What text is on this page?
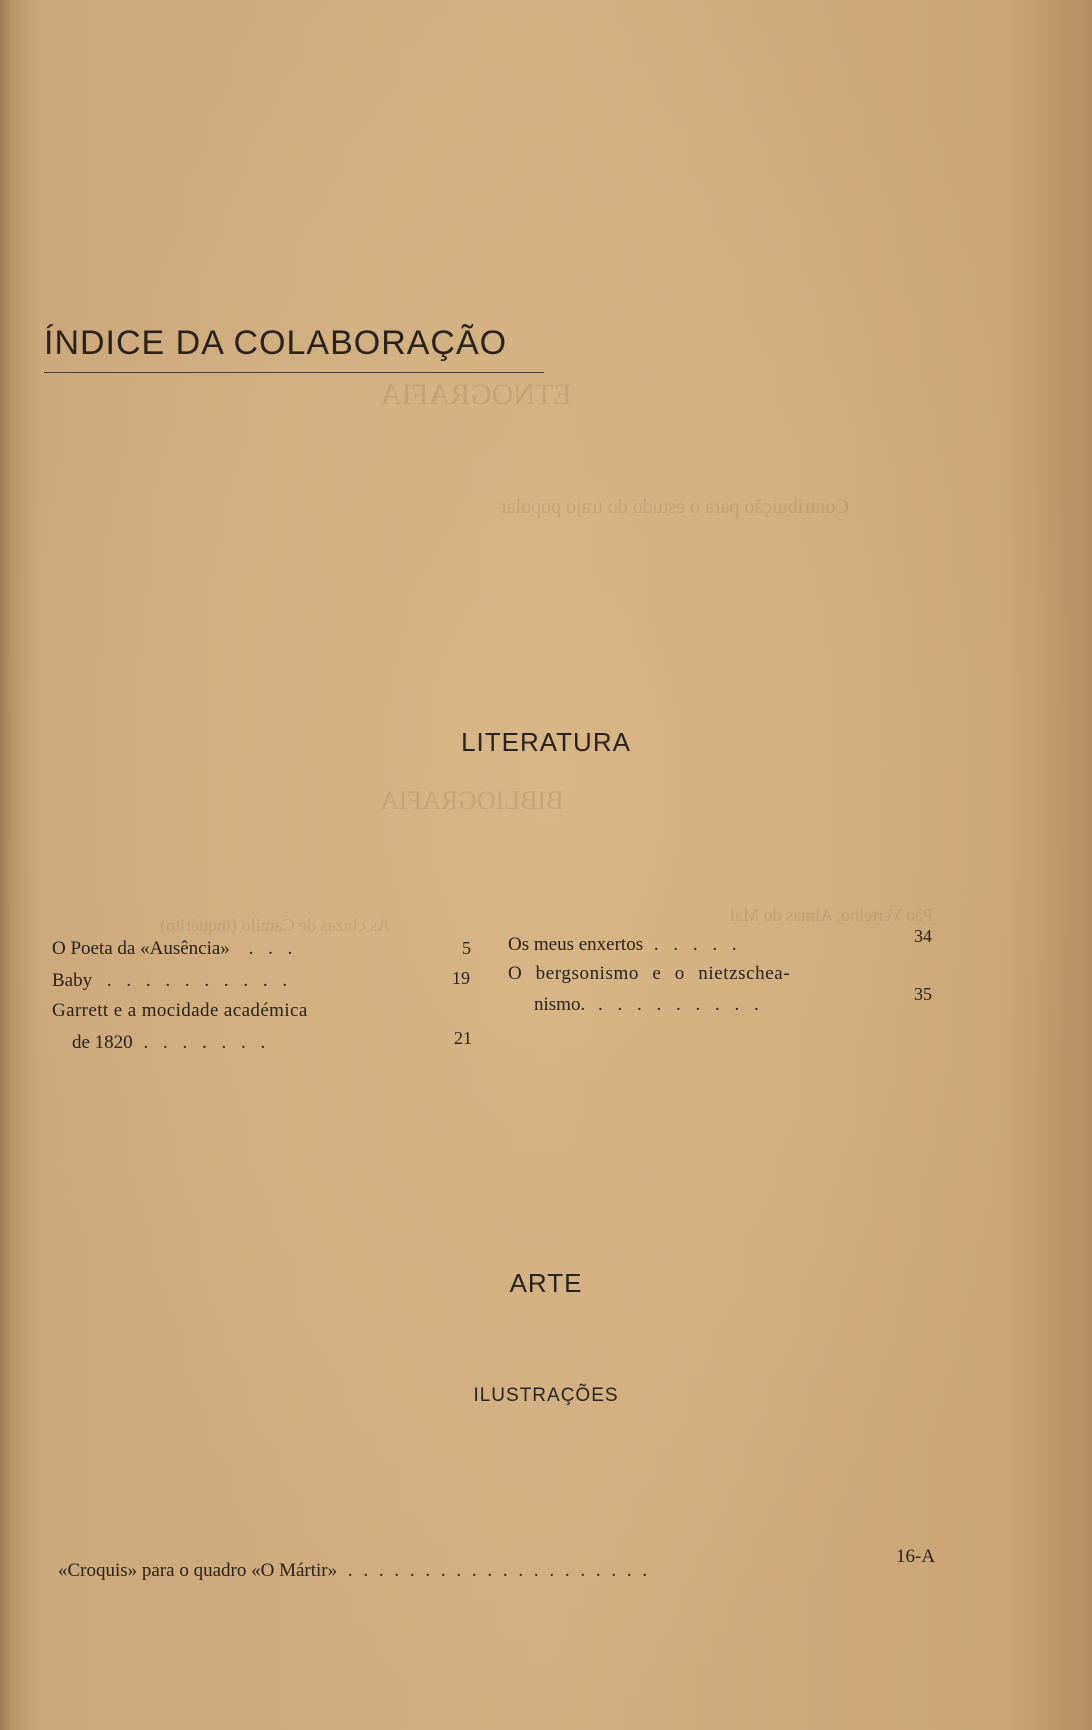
ETNOGRAFIA
Contribuição para o estudo do trajo popular
BIBLIOGRAFIA
As cinzas de Camilo (inquérito)	Pão Vertelho, Almas do Mal
ÍNDICE DA COLABORAÇÃO
LITERATURA
O Poeta da «Ausência» . . .	5
Baby . . . . . . . . . .	19
Garrett e a mocidade académica
de 1820 . . . . . . .	21
Os meus enxertos . . . . .	34
O bergsonismo e o nietzschea-
nismo. . . . . . . . . .	35
ARTE
ILUSTRAÇÕES
«Croquis» para o quadro «O Mártir» . . . . . . . . . . . . . . . . . . . .
16-A
